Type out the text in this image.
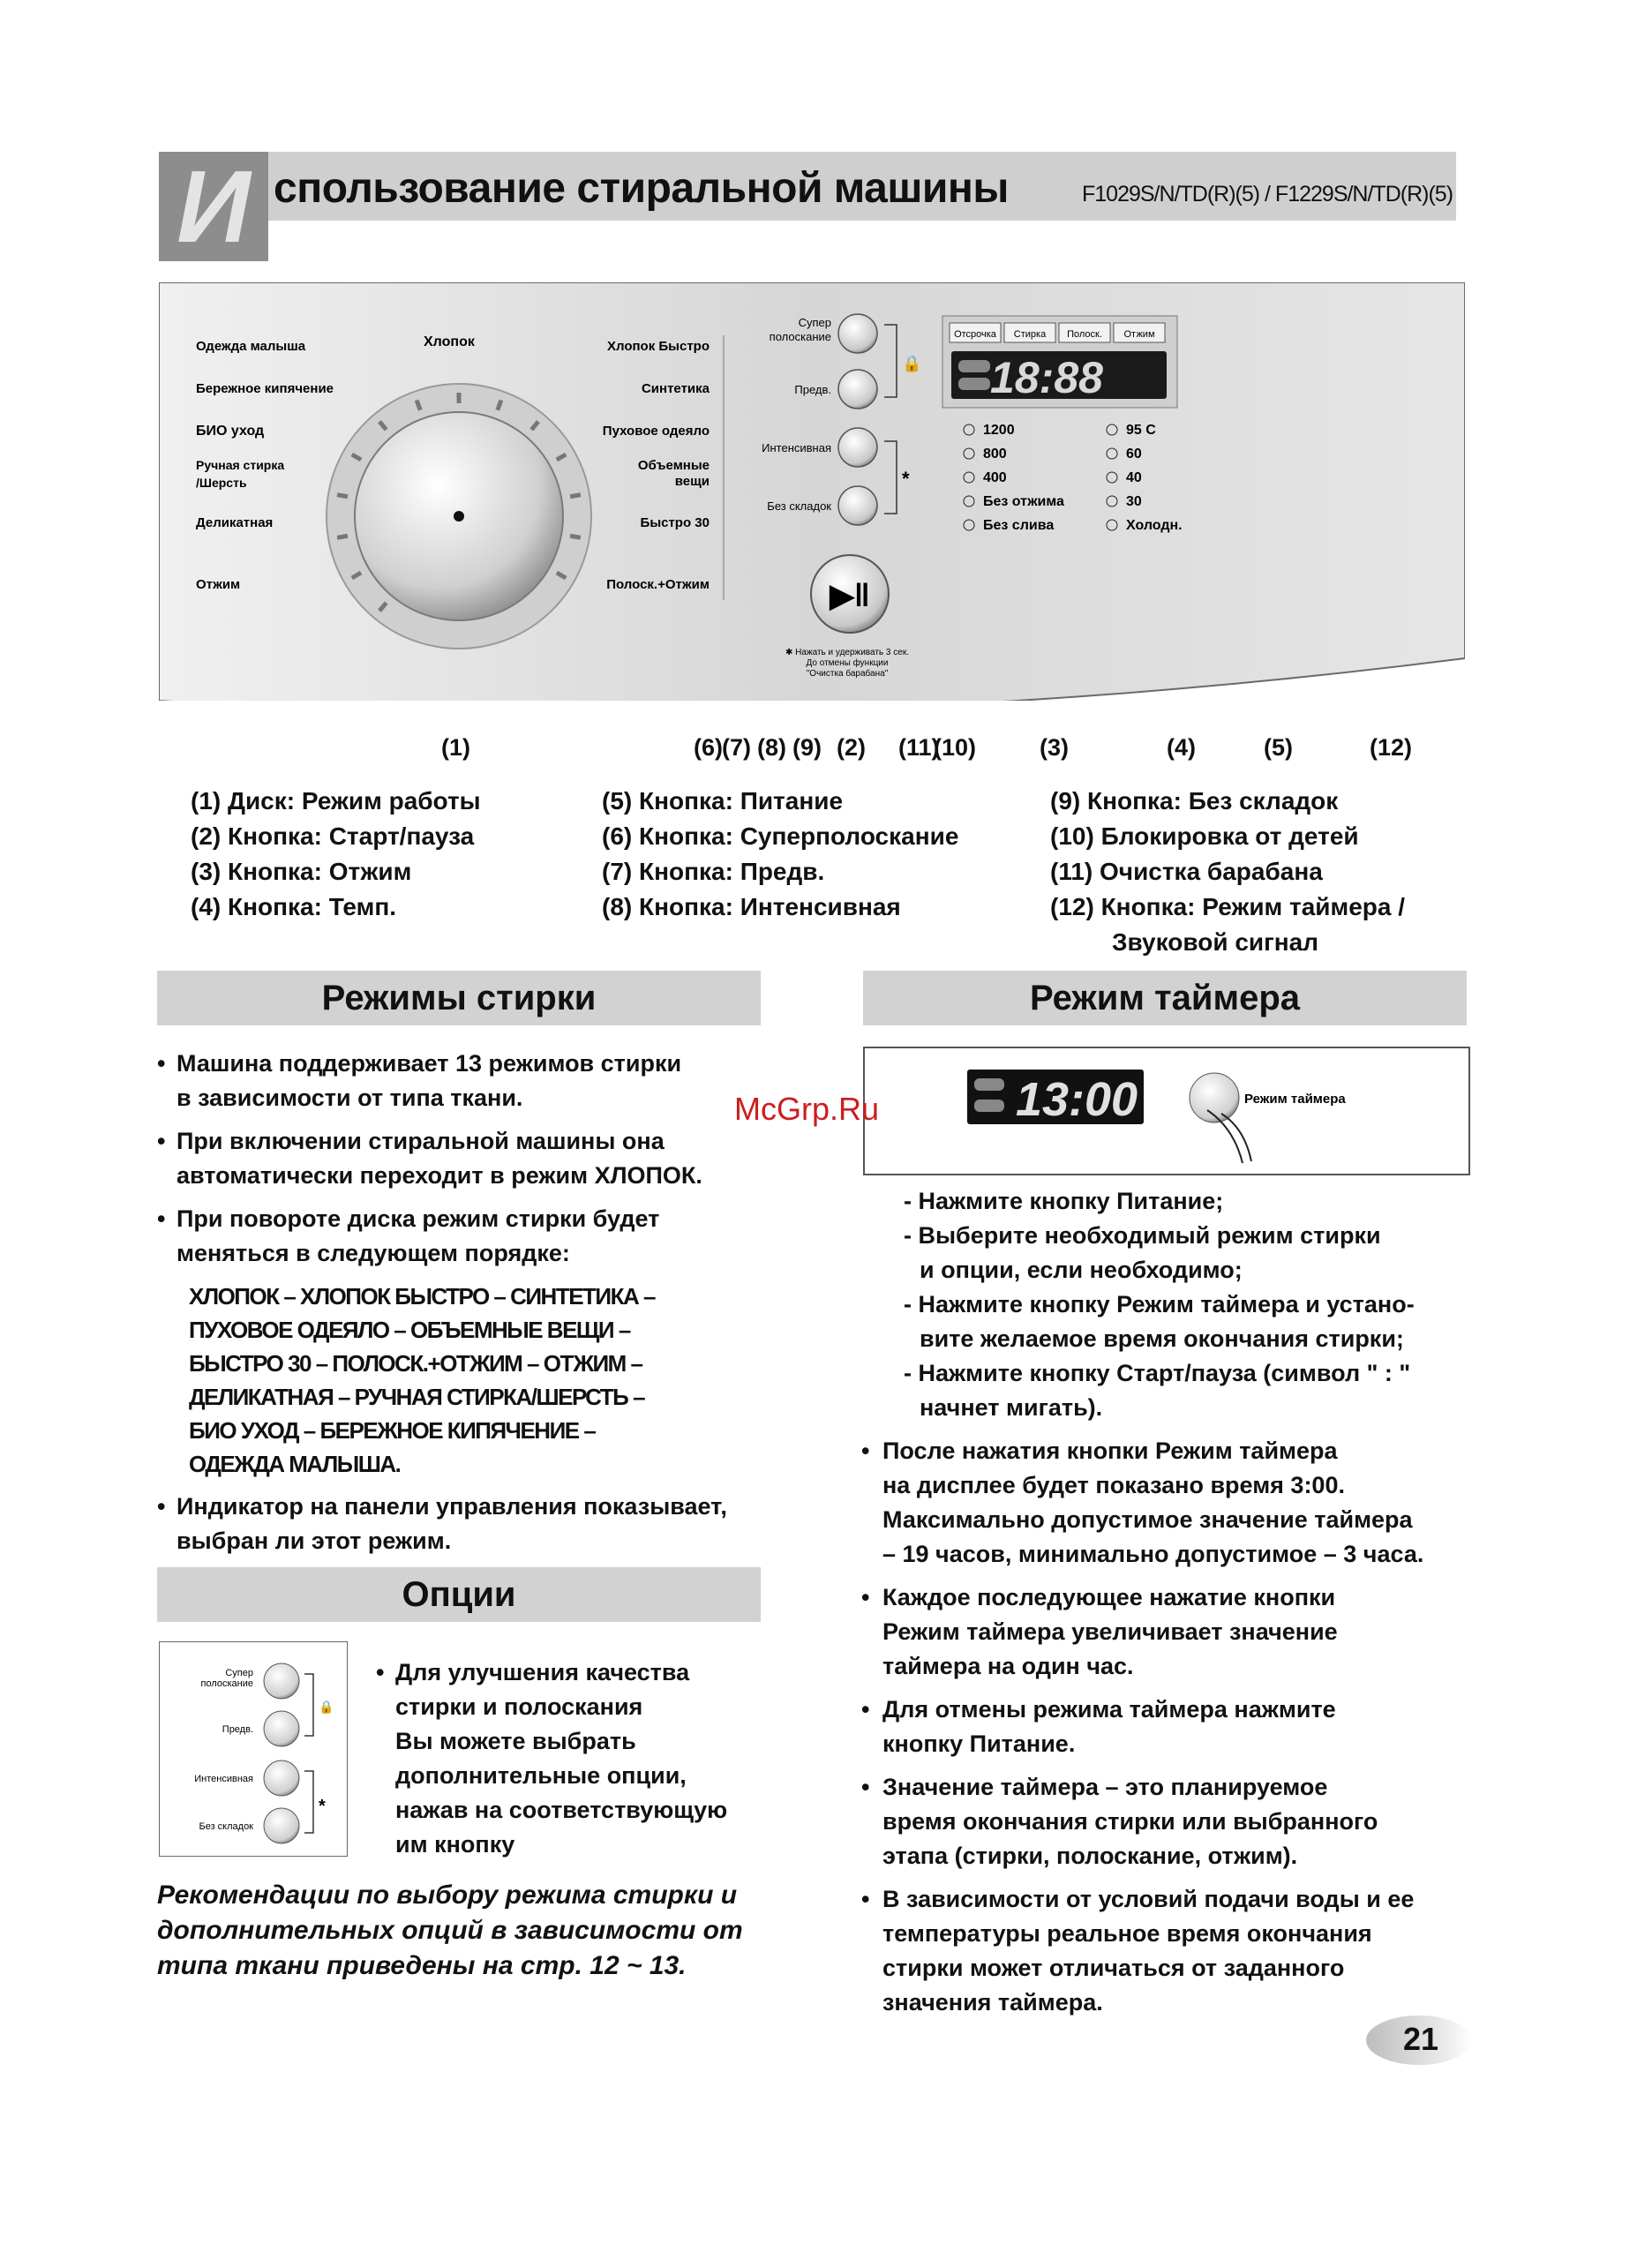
И спользование стиральной машины	F1029S/N/TD(R)(5) / F1229S/N/TD(R)(5)
Одежда малыша
Бережное кипячение
БИО уход
Ручная стирка
/Шерсть
Деликатная
Отжим
Хлопок	Хлопок Быстро
Синтетика
Пуховое одеяло
Объемные
вещи
Быстро 30
Полоск.+Отжим
Супер
полоскание
Предв.
Интенсивная
Без складок
🔒
*
Отсрочка Стирка Полоск. Отжим
18:88
1200
800
400
Без отжима
Без слива
95 С
60
40
30
Холодн.
▶‖
✱ Нажать и удерживать 3 сек.
До отмены функции
"Очистка барабана"
(1)	(6) (7) (8) (9) (2) (11)
(10)	(3)	(4)	(5)	(12)
(1) Диск: Режим работы
(2) Кнопка: Старт/пауза
(3) Кнопка: Отжим
(4) Кнопка: Темп.
(5) Кнопка: Питание
(6) Кнопка: Суперполоскание
(7) Кнопка: Предв.
(8) Кнопка: Интенсивная
(9) Кнопка: Без складок
(10) Блокировка от детей
(11) Очистка барабана
(12) Кнопка: Режим таймера /
Звуковой сигнал
Режимы стирки
• Машина поддерживает 13 режимов стирки
в зависимости от типа ткани.
• При включении стиральной машины она
автоматически переходит в режим ХЛОПОК.
• При повороте диска режим стирки будет
меняться в следующем порядке:
ХЛОПОК – ХЛОПОК БЫСТРО – СИНТЕТИКА –
ПУХОВОЕ ОДЕЯЛО – ОБЪЕМНЫЕ ВЕЩИ –
БЫСТРО 30 – ПОЛОСК.+ОТЖИМ – ОТЖИМ –
ДЕЛИКАТНАЯ – РУЧНАЯ СТИРКА/ШЕРСТЬ –
БИО УХОД – БЕРЕЖНОЕ КИПЯЧЕНИЕ –
ОДЕЖДА МАЛЫША.
• Индикатор на панели управления показывает,
выбран ли этот режим.
Опции
Супер
полоскание
Предв.
Интенсивная
Без складок
🔒
*
• Для улучшения качества
стирки и полоскания
Вы можете выбрать
дополнительные опции,
нажав на соответствующую
им кнопку
Рекомендации по выбору режима стирки и
дополнительных опций в зависимости от
типа ткани приведены на стр. 12 ~ 13.
Режим таймера
13:00	Режим таймера
McGrp.Ru
- Нажмите кнопку Питание;
- Выберите необходимый режим стирки
и опции, если необходимо;
- Нажмите кнопку Режим таймера и устано-
вите желаемое время окончания стирки;
- Нажмите кнопку Старт/пауза (символ " : "
начнет мигать).
• После нажатия кнопки Режим таймера
на дисплее будет показано время 3:00.
Максимально допустимое значение таймера
– 19 часов, минимально допустимое – 3 часа.
• Каждое последующее нажатие кнопки
Режим таймера увеличивает значение
таймера на один час.
• Для отмены режима таймера нажмите
кнопку Питание.
• Значение таймера – это планируемое
время окончания стирки или выбранного
этапа (стирки, полоскание, отжим).
• В зависимости от условий подачи воды и ее
температуры реальное время окончания
стирки может отличаться от заданного
значения таймера.
21
